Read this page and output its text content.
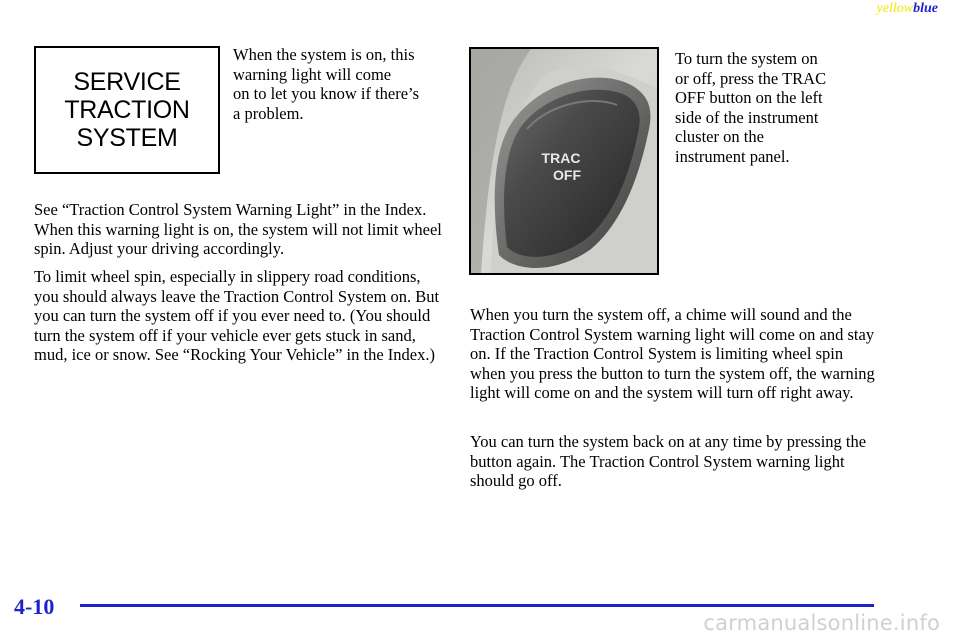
yellowblue
SERVICE
TRACTION
SYSTEM

When the system is on, this
warning light will come
on to let you know if there’s
a problem.

See “Traction Control System Warning Light” in the Index. When this warning light is on, the system will not limit wheel spin. Adjust your driving accordingly.

To limit wheel spin, especially in slippery road conditions, you should always leave the Traction Control System on. But you can turn the system off if you ever need to. (You should turn the system off if your vehicle ever gets stuck in sand, mud, ice or snow. See “Rocking Your Vehicle” in the Index.)

TRAC
OFF

To turn the system on
or off, press the TRAC
OFF button on the left
side of the instrument
cluster on the
instrument panel.

When you turn the system off, a chime will sound and the Traction Control System warning light will come on and stay on. If the Traction Control System is limiting wheel spin when you press the button to turn the system off, the warning light will come on and the system will turn off right away.

You can turn the system back on at any time by pressing the button again. The Traction Control System warning light should go off.

4-10
carmanualsonline.info
